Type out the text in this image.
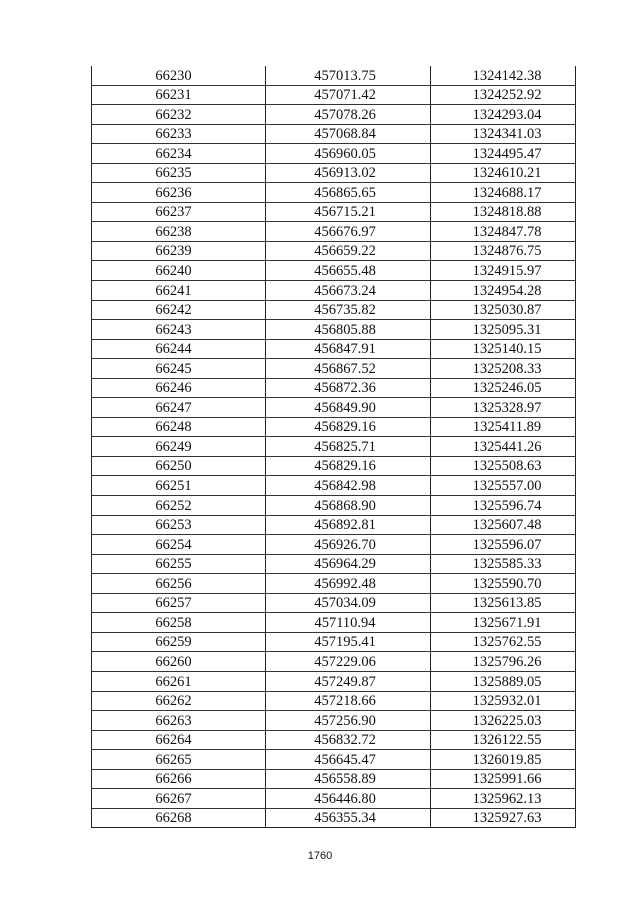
66230	457013.75	1324142.38
66231	457071.42	1324252.92
66232	457078.26	1324293.04
66233	457068.84	1324341.03
66234	456960.05	1324495.47
66235	456913.02	1324610.21
66236	456865.65	1324688.17
66237	456715.21	1324818.88
66238	456676.97	1324847.78
66239	456659.22	1324876.75
66240	456655.48	1324915.97
66241	456673.24	1324954.28
66242	456735.82	1325030.87
66243	456805.88	1325095.31
66244	456847.91	1325140.15
66245	456867.52	1325208.33
66246	456872.36	1325246.05
66247	456849.90	1325328.97
66248	456829.16	1325411.89
66249	456825.71	1325441.26
66250	456829.16	1325508.63
66251	456842.98	1325557.00
66252	456868.90	1325596.74
66253	456892.81	1325607.48
66254	456926.70	1325596.07
66255	456964.29	1325585.33
66256	456992.48	1325590.70
66257	457034.09	1325613.85
66258	457110.94	1325671.91
66259	457195.41	1325762.55
66260	457229.06	1325796.26
66261	457249.87	1325889.05
66262	457218.66	1325932.01
66263	457256.90	1326225.03
66264	456832.72	1326122.55
66265	456645.47	1326019.85
66266	456558.89	1325991.66
66267	456446.80	1325962.13
66268	456355.34	1325927.63
1760
